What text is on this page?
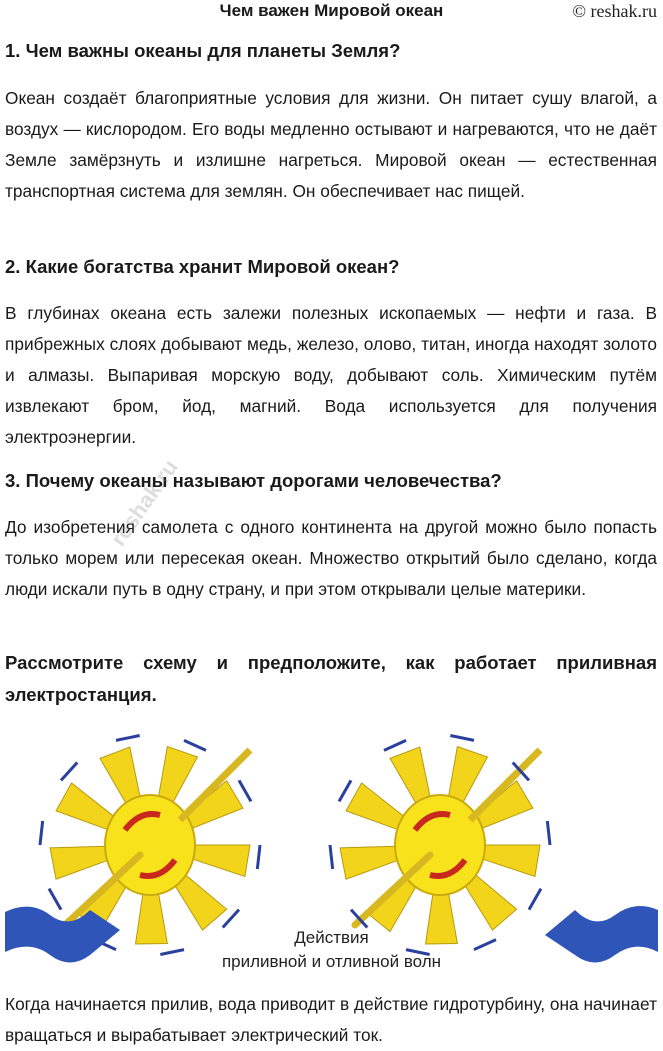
Чем важен Мировой океан	© reshak.ru
1. Чем важны океаны для планеты Земля?
Океан создаёт благоприятные условия для жизни. Он питает сушу влагой, а воздух — кислородом. Его воды медленно остывают и нагреваются, что не даёт Земле замёрзнуть и излишне нагреться. Мировой океан — естественная транспортная система для землян. Он обеспечивает нас пищей.
2. Какие богатства хранит Мировой океан?
В глубинах океана есть залежи полезных ископаемых — нефти и газа. В прибрежных слоях добывают медь, железо, олово, титан, иногда находят золото и алмазы. Выпаривая морскую воду, добывают соль. Химическим путём извлекают бром, йод, магний. Вода используется для получения электроэнергии.
3. Почему океаны называют дорогами человечества?
До изобретения самолета с одного континента на другой можно было попасть только морем или пересекая океан. Множество открытий было сделано, когда люди искали путь в одну страну, и при этом открывали целые материки.
reshak.ru
Рассмотрите схему и предположите, как работает приливная электростанция.
Действия
приливной и отливной волн
Когда начинается прилив, вода приводит в действие гидротурбину, она начинает вращаться и вырабатывает электрический ток.
